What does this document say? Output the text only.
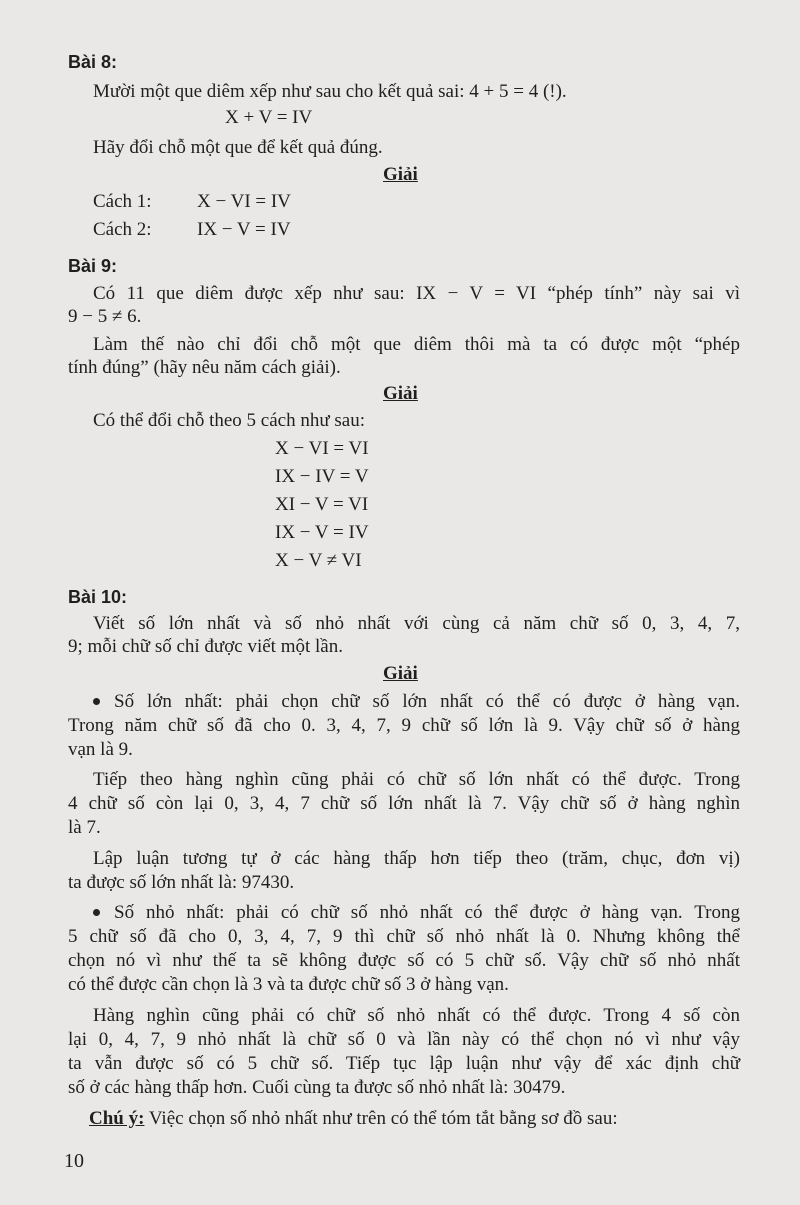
Bài 8:
Mười một que diêm xếp như sau cho kết quả sai: 4 + 5 = 4 (!).
X + V = IV
Hãy đổi chỗ một que để kết quả đúng.
Giải
Cách 1: X − VI = IV
Cách 2: IX − V = IV
Bài 9:
Có 11 que diêm được xếp như sau: IX − V = VI “phép tính” này sai vì
9 − 5 ≠ 6.
Làm thế nào chỉ đổi chỗ một que diêm thôi mà ta có được một “phép
tính đúng” (hãy nêu năm cách giải).
Giải
Có thể đổi chỗ theo 5 cách như sau:
X − VI = VI
IX − IV = V
XI − V = VI
IX − V = IV
X − V ≠ VI
Bài 10:
Viết số lớn nhất và số nhỏ nhất với cùng cả năm chữ số 0, 3, 4, 7,
9; mỗi chữ số chỉ được viết một lần.
Giải
Số lớn nhất: phải chọn chữ số lớn nhất có thể có được ở hàng vạn.
Trong năm chữ số đã cho 0. 3, 4, 7, 9 chữ số lớn là 9. Vậy chữ số ở hàng
vạn là 9.
Tiếp theo hàng nghìn cũng phải có chữ số lớn nhất có thể được. Trong
4 chữ số còn lại 0, 3, 4, 7 chữ số lớn nhất là 7. Vậy chữ số ở hàng nghìn
là 7.
Lập luận tương tự ở các hàng thấp hơn tiếp theo (trăm, chục, đơn vị)
ta được số lớn nhất là: 97430.
Số nhỏ nhất: phải có chữ số nhỏ nhất có thể được ở hàng vạn. Trong
5 chữ số đã cho 0, 3, 4, 7, 9 thì chữ số nhỏ nhất là 0. Nhưng không thể
chọn nó vì như thế ta sẽ không được số có 5 chữ số. Vậy chữ số nhỏ nhất
có thể được cần chọn là 3 và ta được chữ số 3 ở hàng vạn.
Hàng nghìn cũng phải có chữ số nhỏ nhất có thể được. Trong 4 số còn
lại 0, 4, 7, 9 nhỏ nhất là chữ số 0 và lần này có thể chọn nó vì như vậy
ta vẫn được số có 5 chữ số. Tiếp tục lập luận như vậy để xác định chữ
số ở các hàng thấp hơn. Cuối cùng ta được số nhỏ nhất là: 30479.
Chú ý: Việc chọn số nhỏ nhất như trên có thể tóm tắt bằng sơ đồ sau:
10
